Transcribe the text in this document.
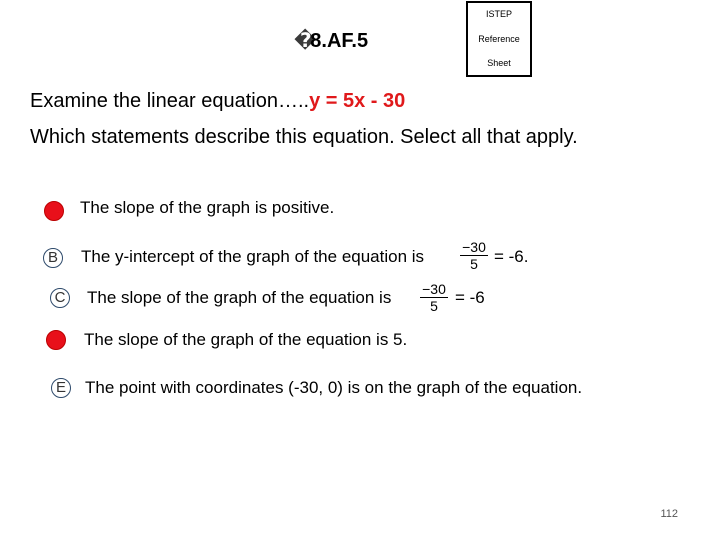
�8.AF.5
ISTEP
Reference
Sheet
Examine the linear equation…..y = 5x - 30
Which statements describe this equation. Select all that apply.
The slope of the graph is positive.
B The y-intercept of the graph of the equation is	$\frac{-30}{5} = -6$.
C The slope of the graph of the equation is $\frac{-30}{5} = -6$
The slope of the graph of the equation is 5.
E The point with coordinates (-30, 0) is on the graph of the equation.
112
